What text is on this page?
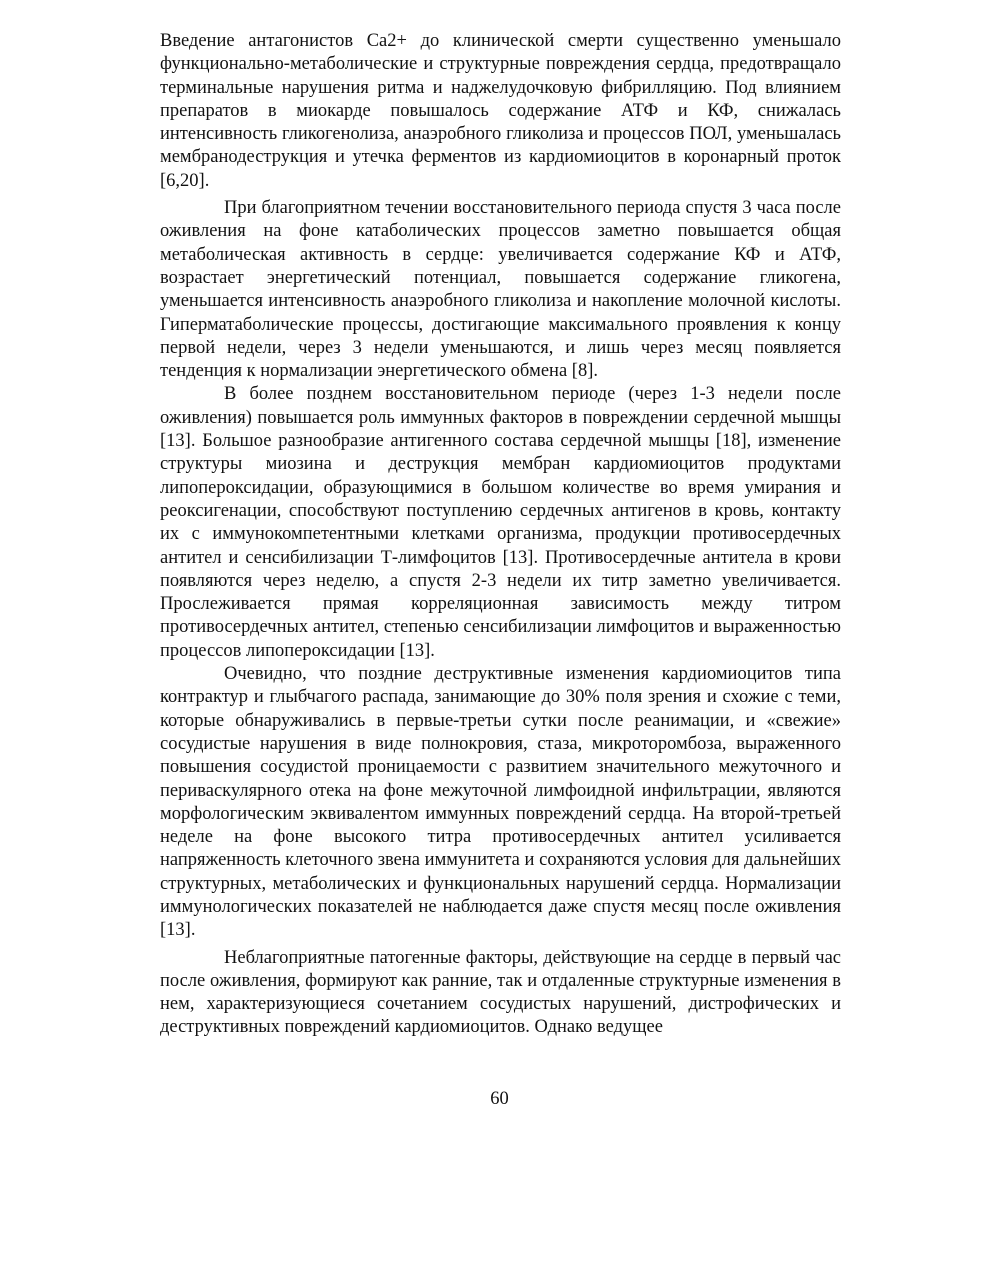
Введение антагонистов Ca2+ до клинической смерти существенно уменьшало функционально-метаболические и структурные повреждения сердца, предотвращало терминальные нарушения ритма и наджелудочковую фибрилляцию. Под влиянием препаратов в миокарде повышалось содержание АТФ и КФ, снижалась интенсивность гликогенолиза, анаэробного гликолиза и процессов ПОЛ, уменьшалась мембранодеструкция и утечка ферментов из кардиомиоцитов в коронарный проток [6,20].

При благоприятном течении восстановительного периода спустя 3 часа после оживления на фоне катаболических процессов заметно повышается общая метаболическая активность в сердце: увеличивается содержание КФ и АТФ, возрастает энергетический потенциал, повышается содержание гликогена, уменьшается интенсивность анаэробного гликолиза и накопление молочной кислоты. Гиперматаболические процессы, достигающие максимального проявления к концу первой недели, через 3 недели уменьшаются, и лишь через месяц появляется тенденция к нормализации энергетического обмена [8].

В более позднем восстановительном периоде (через 1-3 недели после оживления) повышается роль иммунных факторов в повреждении сердечной мышцы [13]. Большое разнообразие антигенного состава сердечной мышцы [18], изменение структуры миозина и деструкция мембран кардиомиоцитов продуктами липопероксидации, образующимися в большом количестве во время умирания и реоксигенации, способствуют поступлению сердечных антигенов в кровь, контакту их с иммунокомпетентными клетками организма, продукции противосердечных антител и сенсибилизации Т-лимфоцитов [13]. Противосердечные антитела в крови появляются через неделю, а спустя 2-3 недели их титр заметно увеличивается. Прослеживается прямая корреляционная зависимость между титром противосердечных антител, степенью сенсибилизации лимфоцитов и выраженностью процессов липопероксидации [13].

Очевидно, что поздние деструктивные изменения кардиомиоцитов типа контрактур и глыбчагого распада, занимающие до 30% поля зрения и схожие с теми, которые обнаруживались в первые-третьи сутки после реанимации, и «свежие» сосудистые нарушения в виде полнокровия, стаза, микроторомбоза, выраженного повышения сосудистой проницаемости с развитием значительного межуточного и периваскулярного отека на фоне межуточной лимфоидной инфильтрации, являются морфологическим эквивалентом иммунных повреждений сердца. На второй-третьей неделе на фоне высокого титра противосердечных антител усиливается напряженность клеточного звена иммунитета и сохраняются условия для дальнейших структурных, метаболических и функциональных нарушений сердца. Нормализации иммунологических показателей не наблюдается даже спустя месяц после оживления [13].

Неблагоприятные патогенные факторы, действующие на сердце в первый час после оживления, формируют как ранние, так и отдаленные структурные изменения в нем, характеризующиеся сочетанием сосудистых нарушений, дистрофических и деструктивных повреждений кардиомиоцитов. Однако ведущее

60
